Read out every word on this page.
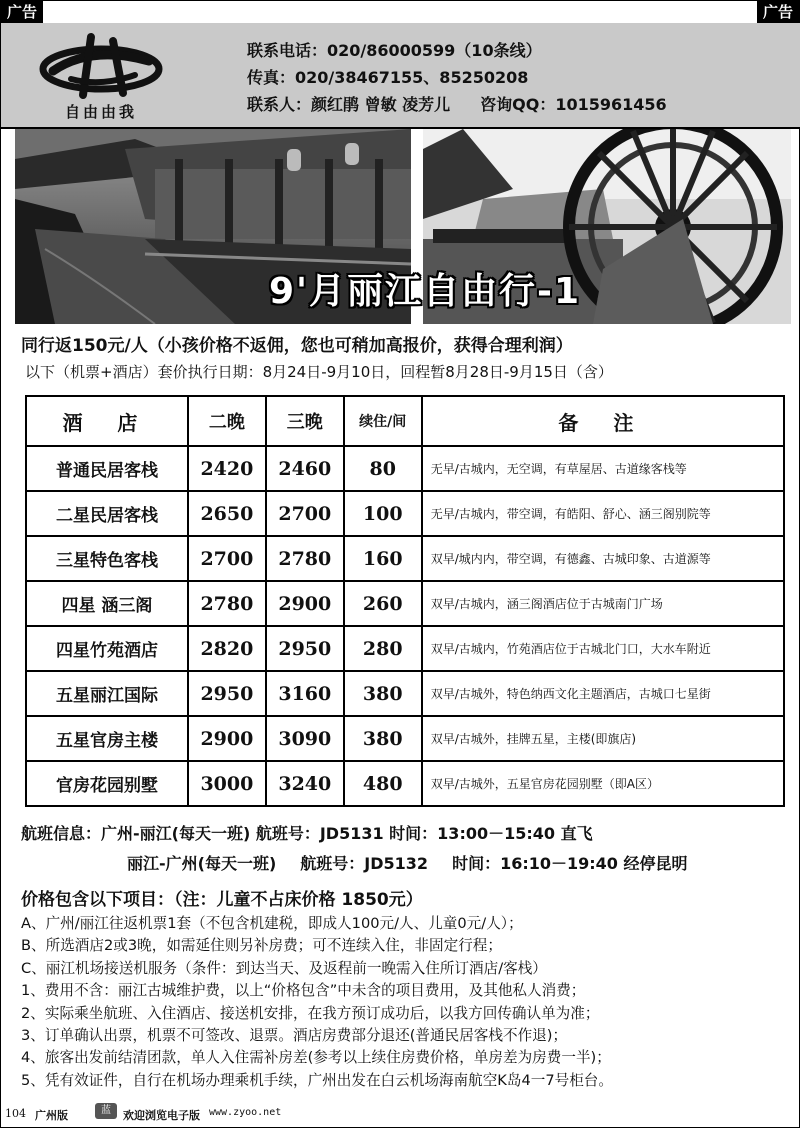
广告	广告
自由由我
联系电话：020/86000599（10条线）
传真：020/38467155、85250208
联系人：颜红鹃 曾敏 凌芳儿 咨询QQ：1015961456
9'月丽江自由行-1
同行返150元/人（小孩价格不返佣，您也可稍加高报价，获得合理利润）
以下（机票+酒店）套价执行日期：8月24日-9月10日，回程暂8月28日-9月15日（含）
酒 店	二晚	三晚	续住/间	备 注
普通民居客栈	2420	2460	80	无早/古城内，无空调，有草屋居、古道缘客栈等
二星民居客栈	2650	2700	100	无早/古城内，带空调，有皓阳、舒心、涵三阁别院等
三星特色客栈	2700	2780	160	双早/城内内，带空调，有德鑫、古城印象、古道源等
四星 涵三阁	2780	2900	260	双早/古城内，涵三阁酒店位于古城南门广场
四星竹苑酒店	2820	2950	280	双早/古城内，竹苑酒店位于古城北门口，大水车附近
五星丽江国际	2950	3160	380	双早/古城外，特色纳西文化主题酒店，古城口七星街
五星官房主楼	2900	3090	380	双早/古城外，挂牌五星，主楼(即旗店)
官房花园别墅	3000	3240	480	双早/古城外，五星官房花园别墅（即A区）
航班信息：广州-丽江(每天一班) 航班号：JD5131 时间：13:00－15:40 直飞
丽江-广州(每天一班) 航班号：JD5132 时间：16:10－19:40 经停昆明
价格包含以下项目：（注：儿童不占床价格 1850元）
A、广州/丽江往返机票1套（不包含机建税，即成人100元/人、儿童0元/人）；
B、所选酒店2或3晚，如需延住则另补房费；可不连续入住，非固定行程；
C、丽江机场接送机服务（条件：到达当天、及返程前一晚需入住所订酒店/客栈）
1、费用不含：丽江古城维护费，以上“价格包含”中未含的项目费用，及其他私人消费；
2、实际乘坐航班、入住酒店、接送机安排，在我方预订成功后，以我方回传确认单为准；
3、订单确认出票，机票不可签改、退票。酒店房费部分退还(普通民居客栈不作退)；
4、旅客出发前结清团款，单人入住需补房差(参考以上续住房费价格，单房差为房费一半)；
5、凭有效证件，自行在机场办理乘机手续，广州出发在白云机场海南航空K岛4一7号柜台。
104 广州版	蓝	欢迎浏览电子版 www.zyoo.net
